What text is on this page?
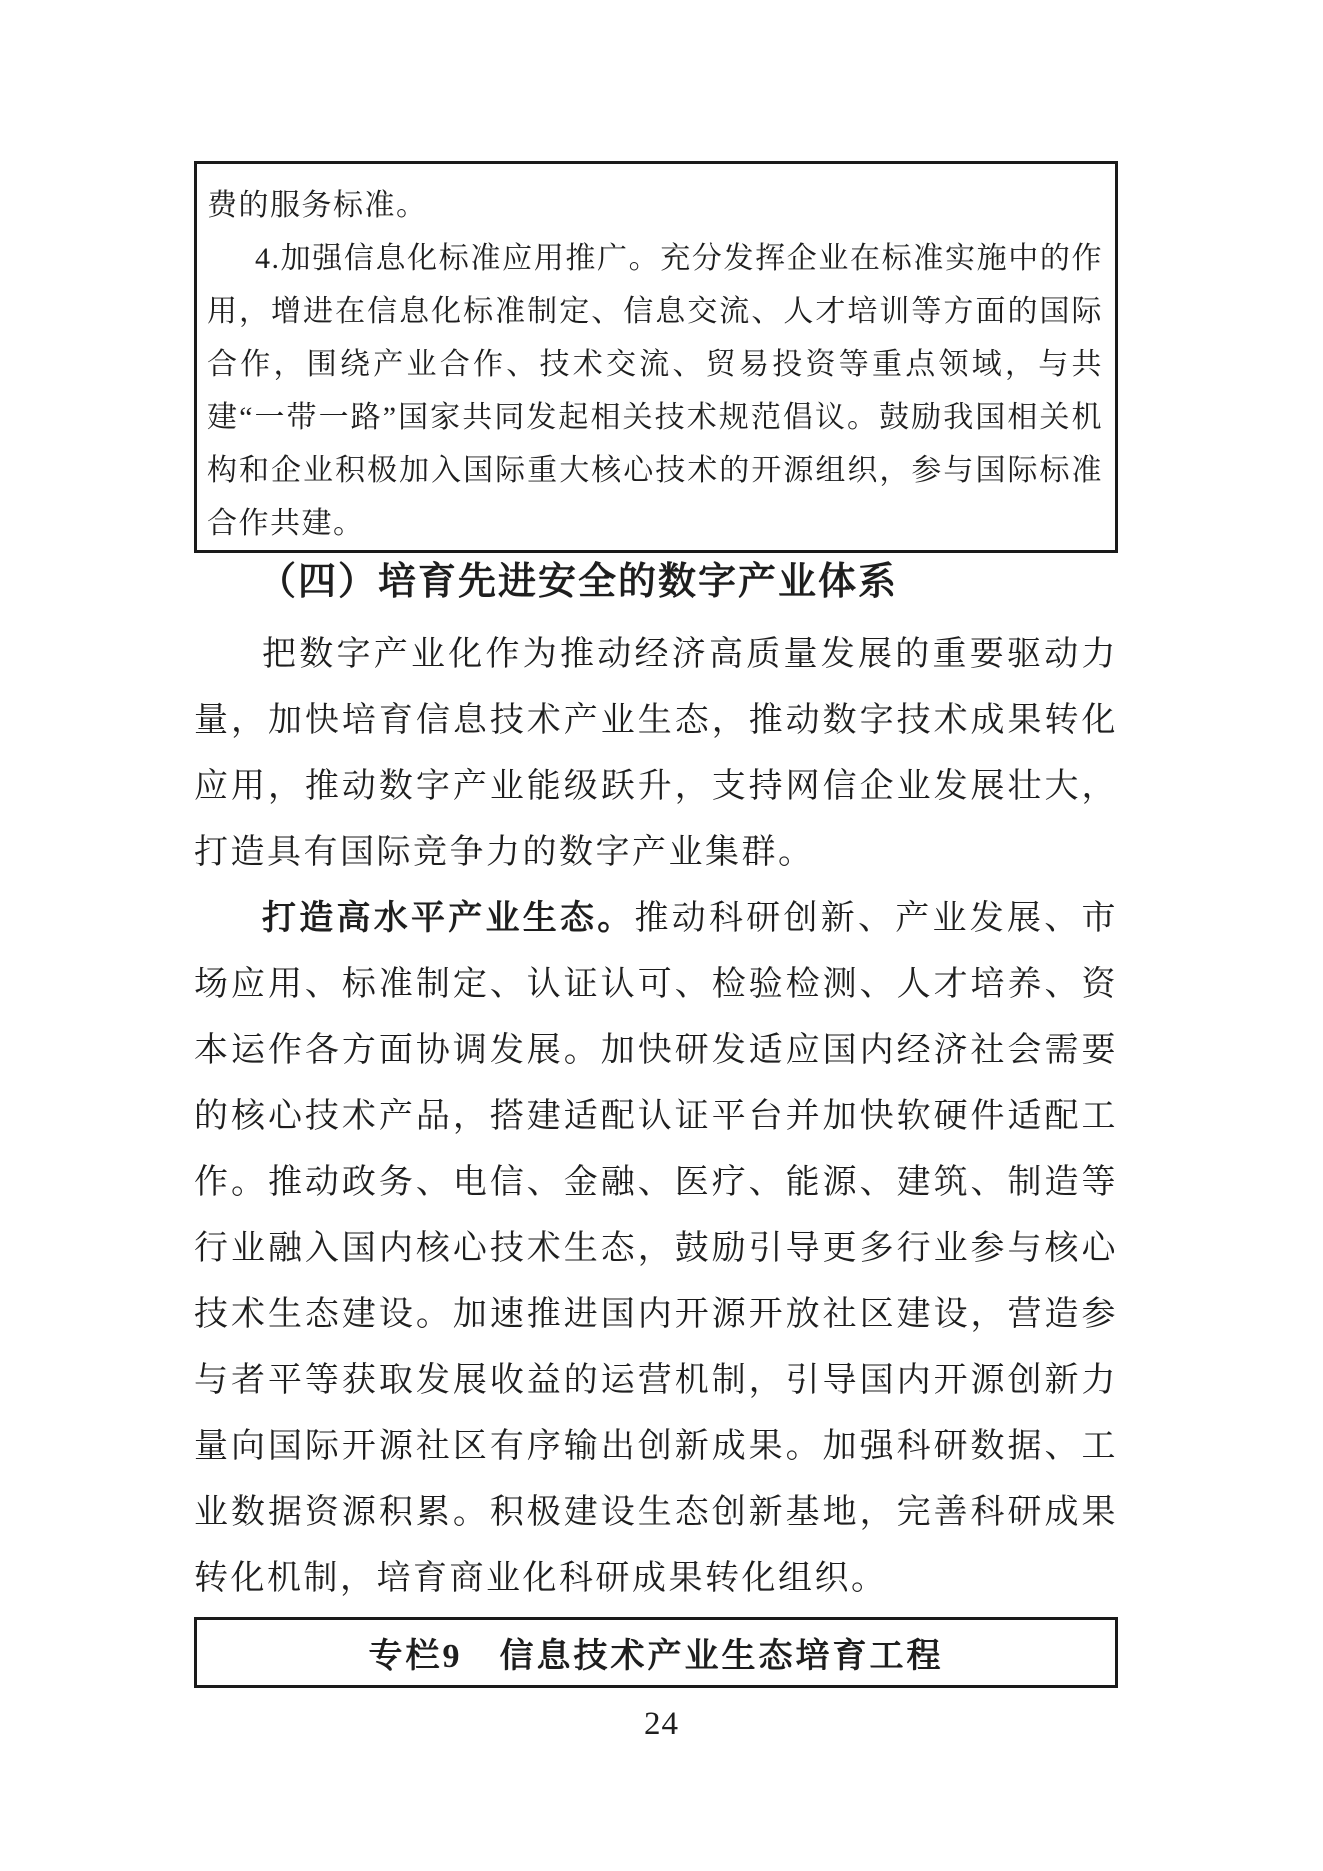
费的服务标准。

4.加强信息化标准应用推广。充分发挥企业在标准实施中的作用，增进在信息化标准制定、信息交流、人才培训等方面的国际合作，围绕产业合作、技术交流、贸易投资等重点领域，与共建“一带一路”国家共同发起相关技术规范倡议。鼓励我国相关机构和企业积极加入国际重大核心技术的开源组织，参与国际标准合作共建。

（四）培育先进安全的数字产业体系

把数字产业化作为推动经济高质量发展的重要驱动力量，加快培育信息技术产业生态，推动数字技术成果转化应用，推动数字产业能级跃升，支持网信企业发展壮大，打造具有国际竞争力的数字产业集群。

打造高水平产业生态。推动科研创新、产业发展、市场应用、标准制定、认证认可、检验检测、人才培养、资本运作各方面协调发展。加快研发适应国内经济社会需要的核心技术产品，搭建适配认证平台并加快软硬件适配工作。推动政务、电信、金融、医疗、能源、建筑、制造等行业融入国内核心技术生态，鼓励引导更多行业参与核心技术生态建设。加速推进国内开源开放社区建设，营造参与者平等获取发展收益的运营机制，引导国内开源创新力量向国际开源社区有序输出创新成果。加强科研数据、工业数据资源积累。积极建设生态创新基地，完善科研成果转化机制，培育商业化科研成果转化组织。

专栏9　信息技术产业生态培育工程
24
